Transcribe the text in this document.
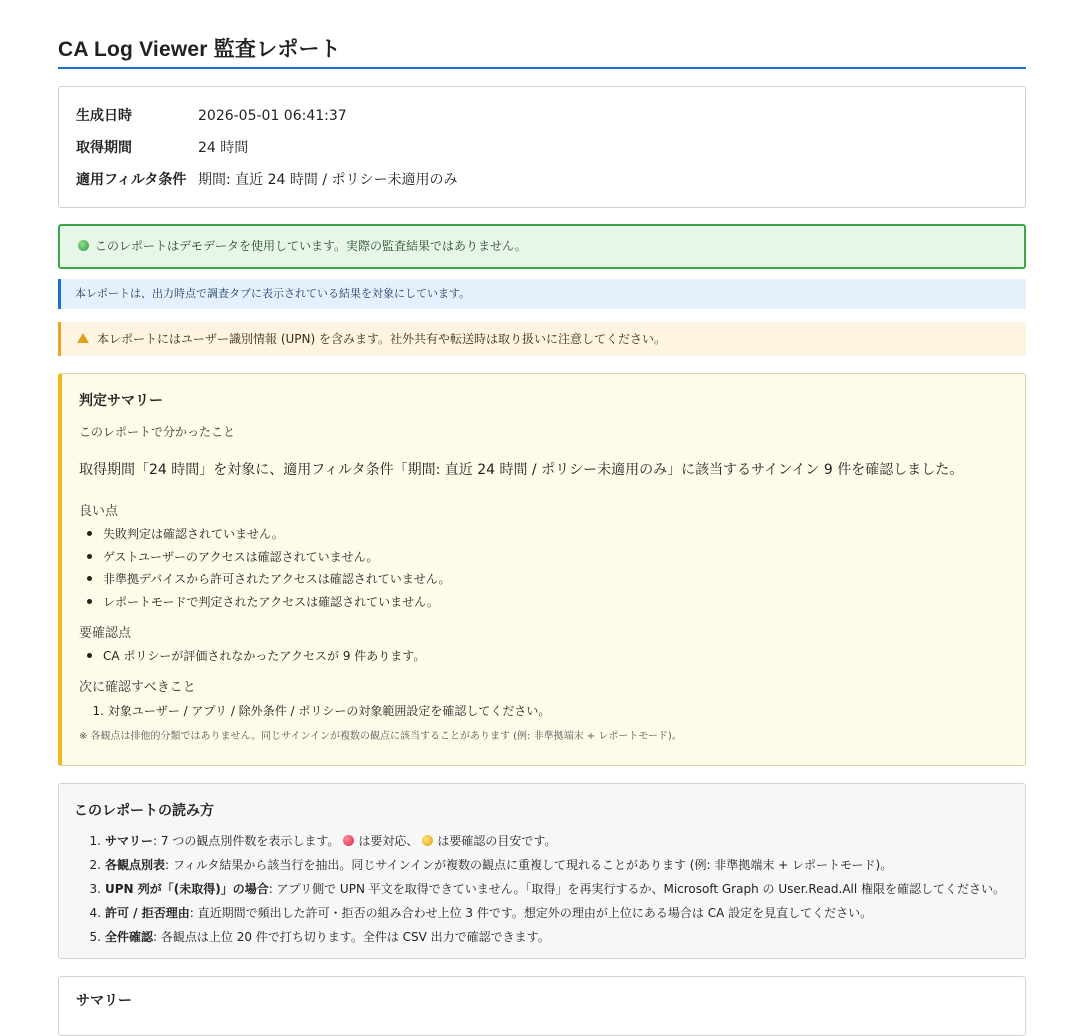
CA Log Viewer 監査レポート
生成日時	2026-05-01 06:41:37
取得期間	24 時間
適用フィルタ条件 期間: 直近 24 時間 / ポリシー未適用のみ
このレポートはデモデータを使用しています。実際の監査結果ではありません。
本レポートは、出力時点で調査タブに表示されている結果を対象にしています。
本レポートにはユーザー識別情報 (UPN) を含みます。社外共有や転送時は取り扱いに注意してください。
判定サマリー
このレポートで分かったこと
取得期間「24 時間」を対象に、適用フィルタ条件「期間: 直近 24 時間 / ポリシー未適用のみ」に該当するサインイン 9 件を確認しました。
良い点
失敗判定は確認されていません。
ゲストユーザーのアクセスは確認されていません。
非準拠デバイスから許可されたアクセスは確認されていません。
レポートモードで判定されたアクセスは確認されていません。
要確認点
CA ポリシーが評価されなかったアクセスが 9 件あります。
次に確認すべきこと
1. 対象ユーザー / アプリ / 除外条件 / ポリシーの対象範囲設定を確認してください。
※ 各観点は排他的分類ではありません。同じサインインが複数の観点に該当することがあります (例: 非準拠端末 + レポートモード)。
このレポートの読み方
1. サマリー: 7 つの観点別件数を表示します。 は要対応、 は要確認の目安です。
2. 各観点別表: フィルタ結果から該当行を抽出。同じサインインが複数の観点に重複して現れることがあります (例: 非準拠端末 + レポートモード)。
3. UPN 列が「(未取得)」の場合: アプリ側で UPN 平文を取得できていません。「取得」を再実行するか、Microsoft Graph の User.Read.All 権限を確認してください。
4. 許可 / 拒否理由: 直近期間で頻出した許可・拒否の組み合わせ上位 3 件です。想定外の理由が上位にある場合は CA 設定を見直してください。
5. 全件確認: 各観点は上位 20 件で打ち切ります。全件は CSV 出力で確認できます。
サマリー
